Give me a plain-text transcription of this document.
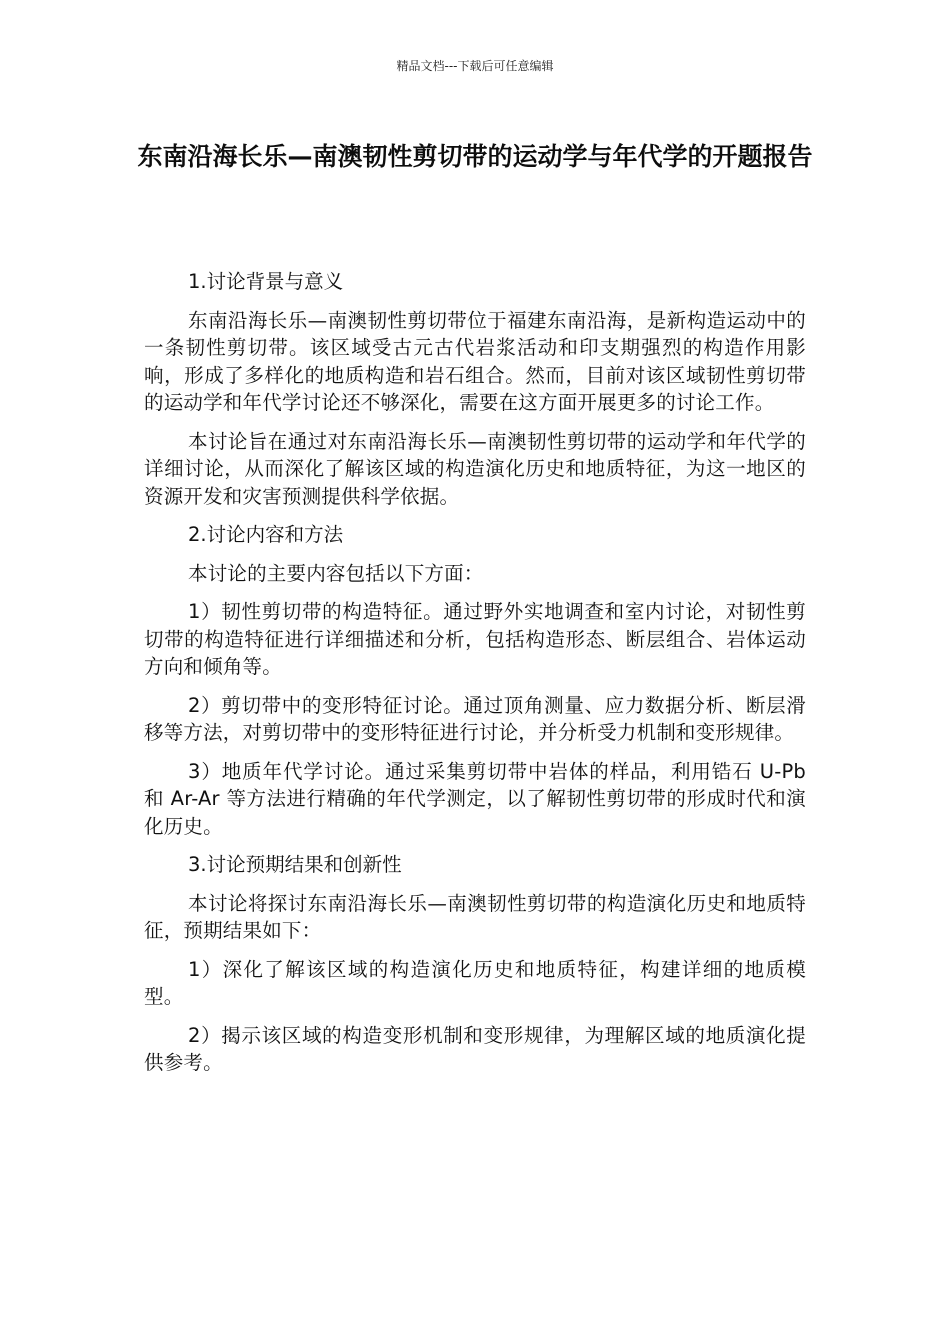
精品文档---下载后可任意编辑
东南沿海长乐—南澳韧性剪切带的运动学与年代学的开题报告

1.讨论背景与意义

东南沿海长乐—南澳韧性剪切带位于福建东南沿海，是新构造运动中的一条韧性剪切带。该区域受古元古代岩浆活动和印支期强烈的构造作用影响，形成了多样化的地质构造和岩石组合。然而，目前对该区域韧性剪切带的运动学和年代学讨论还不够深化，需要在这方面开展更多的讨论工作。

本讨论旨在通过对东南沿海长乐—南澳韧性剪切带的运动学和年代学的详细讨论，从而深化了解该区域的构造演化历史和地质特征，为这一地区的资源开发和灾害预测提供科学依据。

2.讨论内容和方法

本讨论的主要内容包括以下方面：

1）韧性剪切带的构造特征。通过野外实地调查和室内讨论，对韧性剪切带的构造特征进行详细描述和分析，包括构造形态、断层组合、岩体运动方向和倾角等。

2）剪切带中的变形特征讨论。通过顶角测量、应力数据分析、断层滑移等方法，对剪切带中的变形特征进行讨论，并分析受力机制和变形规律。

3）地质年代学讨论。通过采集剪切带中岩体的样品，利用锆石 U-Pb 和 Ar-Ar 等方法进行精确的年代学测定，以了解韧性剪切带的形成时代和演化历史。

3.讨论预期结果和创新性

本讨论将探讨东南沿海长乐—南澳韧性剪切带的构造演化历史和地质特征，预期结果如下：

1）深化了解该区域的构造演化历史和地质特征，构建详细的地质模型。

2）揭示该区域的构造变形机制和变形规律，为理解区域的地质演化提供参考。
